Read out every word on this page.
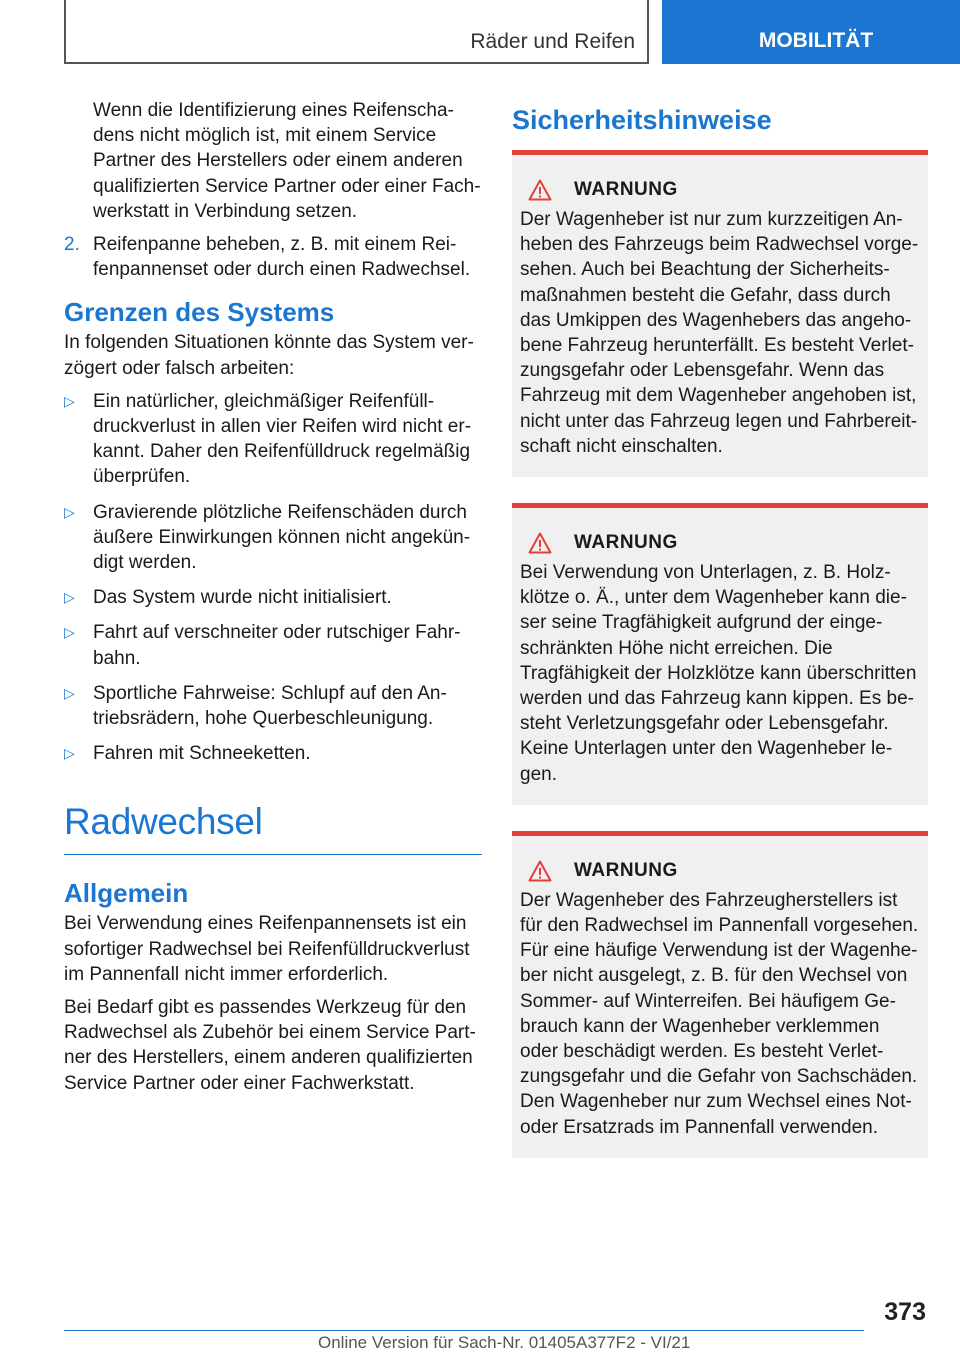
Räder und Reifen	MOBILITÄT
Wenn die Identifizierung eines Reifenscha-dens nicht möglich ist, mit einem Service Partner des Herstellers oder einem anderen qualifizierten Service Partner oder einer Fach-werkstatt in Verbindung setzen.
2. Reifenpanne beheben, z. B. mit einem Rei-fenpannenset oder durch einen Radwechsel.
Grenzen des Systems
In folgenden Situationen könnte das System ver-zögert oder falsch arbeiten:
▷ Ein natürlicher, gleichmäßiger Reifenfüll-druckverlust in allen vier Reifen wird nicht er-kannt. Daher den Reifenfülldruck regelmäßig überprüfen.
▷ Gravierende plötzliche Reifenschäden durch äußere Einwirkungen können nicht angekün-digt werden.
▷ Das System wurde nicht initialisiert.
▷ Fahrt auf verschneiter oder rutschiger Fahr-bahn.
▷ Sportliche Fahrweise: Schlupf auf den An-triebsrädern, hohe Querbeschleunigung.
▷ Fahren mit Schneeketten.
Radwechsel
Allgemein
Bei Verwendung eines Reifenpannensets ist ein sofortiger Radwechsel bei Reifenfülldruckverlust im Pannenfall nicht immer erforderlich.
Bei Bedarf gibt es passendes Werkzeug für den Radwechsel als Zubehör bei einem Service Part-ner des Herstellers, einem anderen qualifizierten Service Partner oder einer Fachwerkstatt.
Sicherheitshinweise
WARNUNG
Der Wagenheber ist nur zum kurzzeitigen An-heben des Fahrzeugs beim Radwechsel vorge-sehen. Auch bei Beachtung der Sicherheits-maßnahmen besteht die Gefahr, dass durch das Umkippen des Wagenhebers das angeho-bene Fahrzeug herunterfällt. Es besteht Verlet-zungsgefahr oder Lebensgefahr. Wenn das Fahrzeug mit dem Wagenheber angehoben ist, nicht unter das Fahrzeug legen und Fahrbereit-schaft nicht einschalten.
WARNUNG
Bei Verwendung von Unterlagen, z. B. Holz-klötze o. Ä., unter dem Wagenheber kann die-ser seine Tragfähigkeit aufgrund der einge-schränkten Höhe nicht erreichen. Die Tragfähigkeit der Holzklötze kann überschritten werden und das Fahrzeug kann kippen. Es be-steht Verletzungsgefahr oder Lebensgefahr. Keine Unterlagen unter den Wagenheber le-gen.
WARNUNG
Der Wagenheber des Fahrzeugherstellers ist für den Radwechsel im Pannenfall vorgesehen. Für eine häufige Verwendung ist der Wagenhe-ber nicht ausgelegt, z. B. für den Wechsel von Sommer- auf Winterreifen. Bei häufigem Ge-brauch kann der Wagenheber verklemmen oder beschädigt werden. Es besteht Verlet-zungsgefahr und die Gefahr von Sachschäden. Den Wagenheber nur zum Wechsel eines Not-oder Ersatzrads im Pannenfall verwenden.
373
Online Version für Sach-Nr. 01405A377F2 - VI/21
